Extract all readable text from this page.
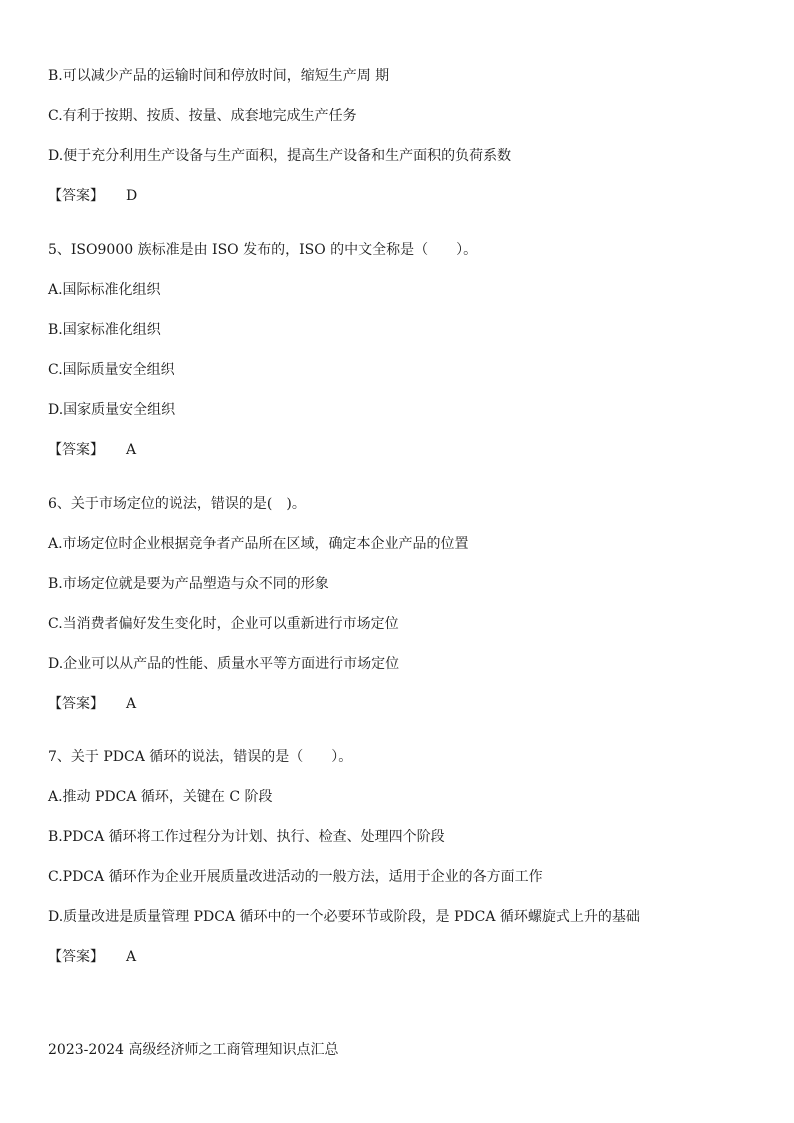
B.可以减少产品的运输时间和停放时间，缩短生产周 期
C.有利于按期、按质、按量、成套地完成生产任务
D.便于充分利用生产设备与生产面积，提高生产设备和生产面积的负荷系数
【答案】 D
5、ISO9000 族标准是由 ISO 发布的，ISO 的中文全称是（　　）。
A.国际标准化组织
B.国家标准化组织
C.国际质量安全组织
D.国家质量安全组织
【答案】 A
6、关于市场定位的说法，错误的是(　)。
A.市场定位时企业根据竞争者产品所在区域，确定本企业产品的位置
B.市场定位就是要为产品塑造与众不同的形象
C.当消费者偏好发生变化时，企业可以重新进行市场定位
D.企业可以从产品的性能、质量水平等方面进行市场定位
【答案】 A
7、关于 PDCA 循环的说法，错误的是（　　）。
A.推动 PDCA 循环，关键在 C 阶段
B.PDCA 循环将工作过程分为计划、执行、检查、处理四个阶段
C.PDCA 循环作为企业开展质量改进活动的一般方法，适用于企业的各方面工作
D.质量改进是质量管理 PDCA 循环中的一个必要环节或阶段，是 PDCA 循环螺旋式上升的基础
【答案】 A
2023-2024 高级经济师之工商管理知识点汇总
